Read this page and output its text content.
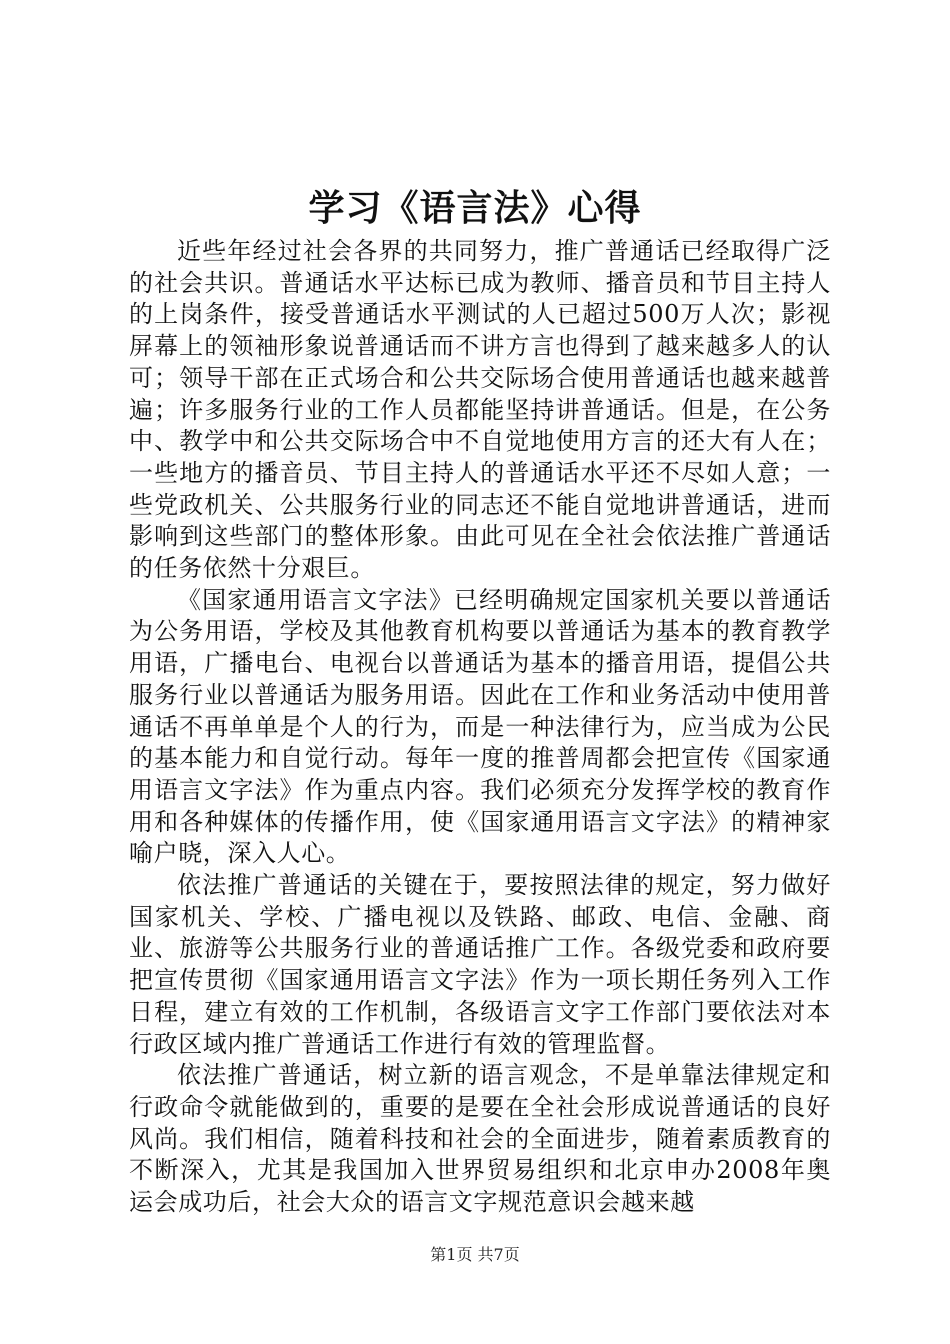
学习《语言法》心得

近些年经过社会各界的共同努力，推广普通话已经取得广泛的社会共识。普通话水平达标已成为教师、播音员和节目主持人的上岗条件，接受普通话水平测试的人已超过500万人次；影视屏幕上的领袖形象说普通话而不讲方言也得到了越来越多人的认可；领导干部在正式场合和公共交际场合使用普通话也越来越普遍；许多服务行业的工作人员都能坚持讲普通话。但是，在公务中、教学中和公共交际场合中不自觉地使用方言的还大有人在；一些地方的播音员、节目主持人的普通话水平还不尽如人意；一些党政机关、公共服务行业的同志还不能自觉地讲普通话，进而影响到这些部门的整体形象。由此可见在全社会依法推广普通话的任务依然十分艰巨。

《国家通用语言文字法》已经明确规定国家机关要以普通话为公务用语，学校及其他教育机构要以普通话为基本的教育教学用语，广播电台、电视台以普通话为基本的播音用语，提倡公共服务行业以普通话为服务用语。因此在工作和业务活动中使用普通话不再单单是个人的行为，而是一种法律行为，应当成为公民的基本能力和自觉行动。每年一度的推普周都会把宣传《国家通用语言文字法》作为重点内容。我们必须充分发挥学校的教育作用和各种媒体的传播作用，使《国家通用语言文字法》的精神家喻户晓，深入人心。

依法推广普通话的关键在于，要按照法律的规定，努力做好国家机关、学校、广播电视以及铁路、邮政、电信、金融、商业、旅游等公共服务行业的普通话推广工作。各级党委和政府要把宣传贯彻《国家通用语言文字法》作为一项长期任务列入工作日程，建立有效的工作机制，各级语言文字工作部门要依法对本行政区域内推广普通话工作进行有效的管理监督。

依法推广普通话，树立新的语言观念，不是单靠法律规定和行政命令就能做到的，重要的是要在全社会形成说普通话的良好风尚。我们相信，随着科技和社会的全面进步，随着素质教育的不断深入，尤其是我国加入世界贸易组织和北京申办2008年奥运会成功后，社会大众的语言文字规范意识会越来越

第1页 共7页
